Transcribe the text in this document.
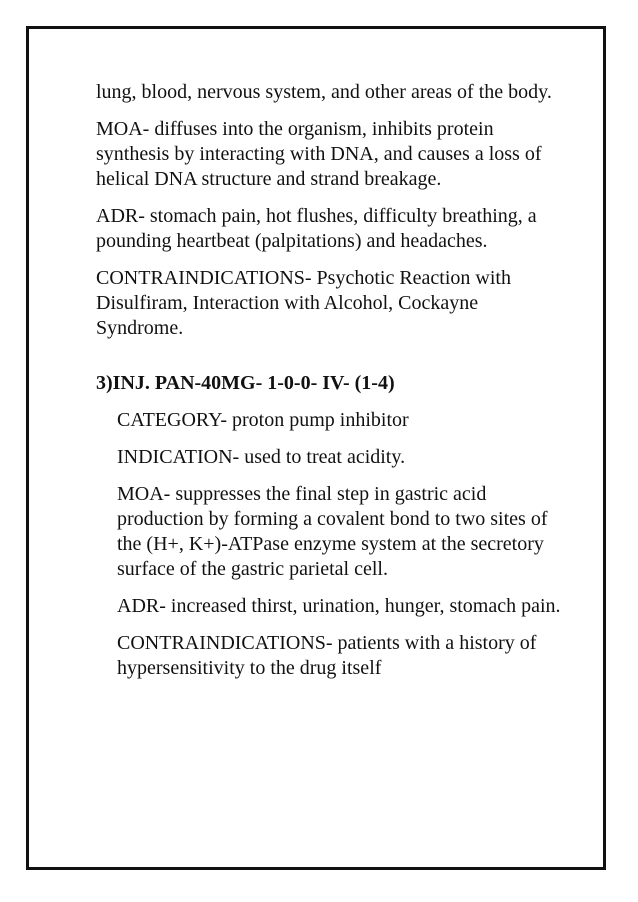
lung, blood, nervous system, and other areas of the body.

MOA- diffuses into the organism, inhibits protein synthesis by interacting with DNA, and causes a loss of helical DNA structure and strand breakage.

ADR- stomach pain, hot flushes, difficulty breathing, a pounding heartbeat (palpitations) and headaches.

CONTRAINDICATIONS- Psychotic Reaction with Disulfiram, Interaction with Alcohol, Cockayne Syndrome.

3)INJ. PAN-40MG- 1-0-0- IV- (1-4)

CATEGORY- proton pump inhibitor

INDICATION- used to treat acidity.

MOA- suppresses the final step in gastric acid production by forming a covalent bond to two sites of the (H+, K+)-ATPase enzyme system at the secretory surface of the gastric parietal cell.

ADR- increased thirst, urination, hunger, stomach pain.

CONTRAINDICATIONS- patients with a history of hypersensitivity to the drug itself
